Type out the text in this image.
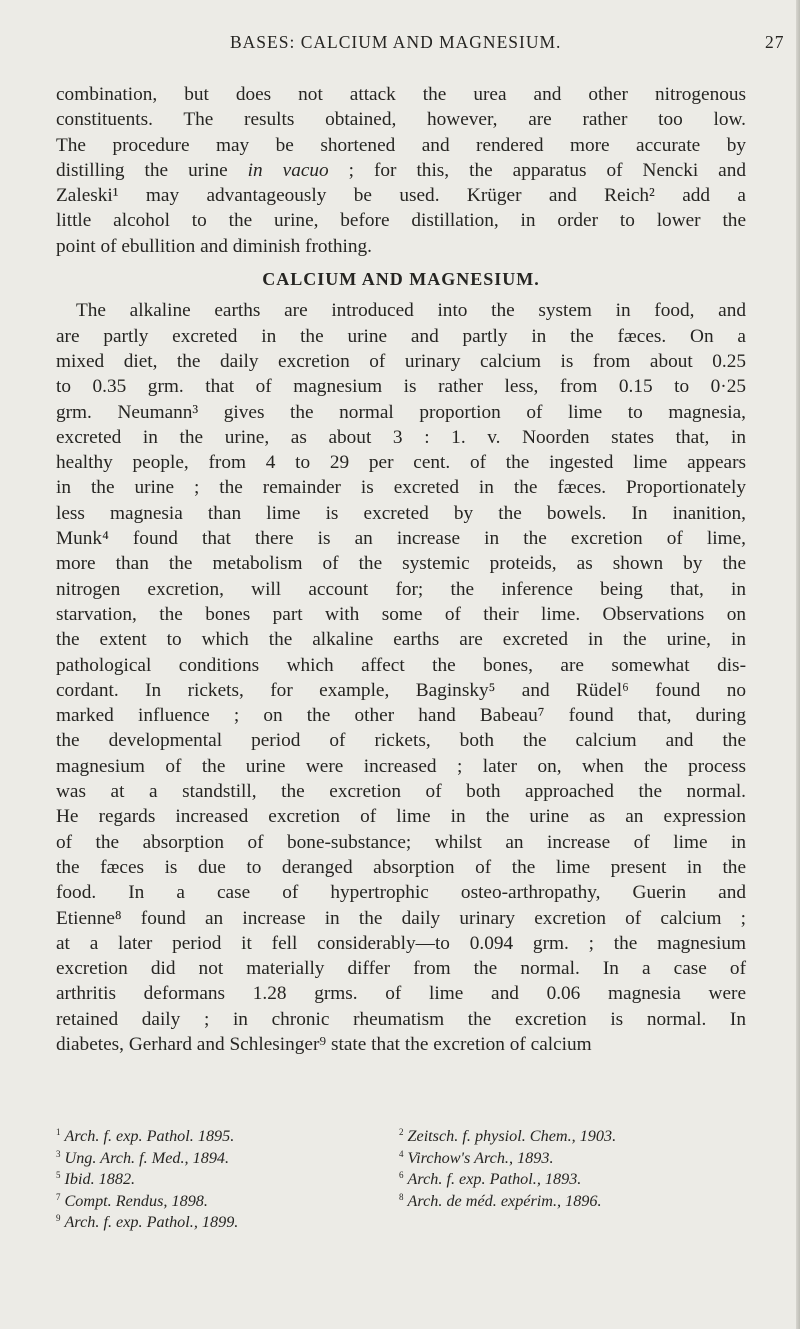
BASES: CALCIUM AND MAGNESIUM.	27
combination, but does not attack the urea and other nitrogenous
constituents. The results obtained, however, are rather too low.
The procedure may be shortened and rendered more accurate by
distilling the urine in vacuo ; for this, the apparatus of Nencki and
Zaleski¹ may advantageously be used. Krüger and Reich² add a
little alcohol to the urine, before distillation, in order to lower the
point of ebullition and diminish frothing.
CALCIUM AND MAGNESIUM.
The alkaline earths are introduced into the system in food, and
are partly excreted in the urine and partly in the fæces. On a
mixed diet, the daily excretion of urinary calcium is from about 0.25
to 0.35 grm. that of magnesium is rather less, from 0.15 to 0·25
grm. Neumann³ gives the normal proportion of lime to magnesia,
excreted in the urine, as about 3 : 1. v. Noorden states that, in
healthy people, from 4 to 29 per cent. of the ingested lime appears
in the urine ; the remainder is excreted in the fæces. Proportionately
less magnesia than lime is excreted by the bowels. In inanition,
Munk⁴ found that there is an increase in the excretion of lime,
more than the metabolism of the systemic proteids, as shown by the
nitrogen excretion, will account for; the inference being that, in
starvation, the bones part with some of their lime. Observations on
the extent to which the alkaline earths are excreted in the urine, in
pathological conditions which affect the bones, are somewhat dis-
cordant. In rickets, for example, Baginsky⁵ and Rüdel⁶ found no
marked influence ; on the other hand Babeau⁷ found that, during
the developmental period of rickets, both the calcium and the
magnesium of the urine were increased ; later on, when the process
was at a standstill, the excretion of both approached the normal.
He regards increased excretion of lime in the urine as an expression
of the absorption of bone-substance; whilst an increase of lime in
the fæces is due to deranged absorption of the lime present in the
food. In a case of hypertrophic osteo-arthropathy, Guerin and
Etienne⁸ found an increase in the daily urinary excretion of calcium ;
at a later period it fell considerably—to 0.094 grm. ; the magnesium
excretion did not materially differ from the normal. In a case of
arthritis deformans 1.28 grms. of lime and 0.06 magnesia were
retained daily ; in chronic rheumatism the excretion is normal. In
diabetes, Gerhard and Schlesinger⁹ state that the excretion of calcium
$^1$ Arch. f. exp. Pathol. 1895.	$^2$ Zeitsch. f. physiol. Chem., 1903.
$^3$ Ung. Arch. f. Med., 1894.	$^4$ Virchow's Arch., 1893.
$^5$ Ibid. 1882.	$^6$ Arch. f. exp. Pathol., 1893.
$^7$ Compt. Rendus, 1898.	$^8$ Arch. de méd. expérim., 1896.
$^9$ Arch. f. exp. Pathol., 1899.
